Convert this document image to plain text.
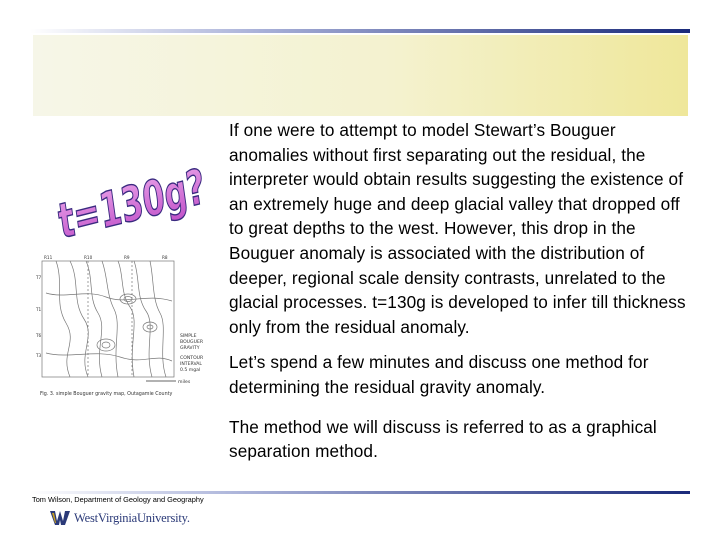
t=130g?
R11	R10	R9	R8
T7
T1
T6
T3
SIMPLE
BOUGUER
GRAVITY
CONTOUR
INTERVAL
0.5 mgal
miles
Fig. 3. simple Bouguer gravity map, Outagamie County

If one were to attempt to model Stewart’s Bouguer anomalies without first separating out the residual, the interpreter would obtain results suggesting the existence of an extremely huge and deep glacial valley that dropped off to great depths to the west. However, this drop in the Bouguer anomaly is associated with the distribution of deeper, regional scale density contrasts, unrelated to the glacial processes. t=130g is developed to infer till thickness only from the residual anomaly.

Let’s spend a few minutes and discuss one method for determining the residual gravity anomaly.

The method we will discuss is referred to as a graphical separation method.

Tom Wilson, Department of Geology and Geography
WestVirginiaUniversity.
